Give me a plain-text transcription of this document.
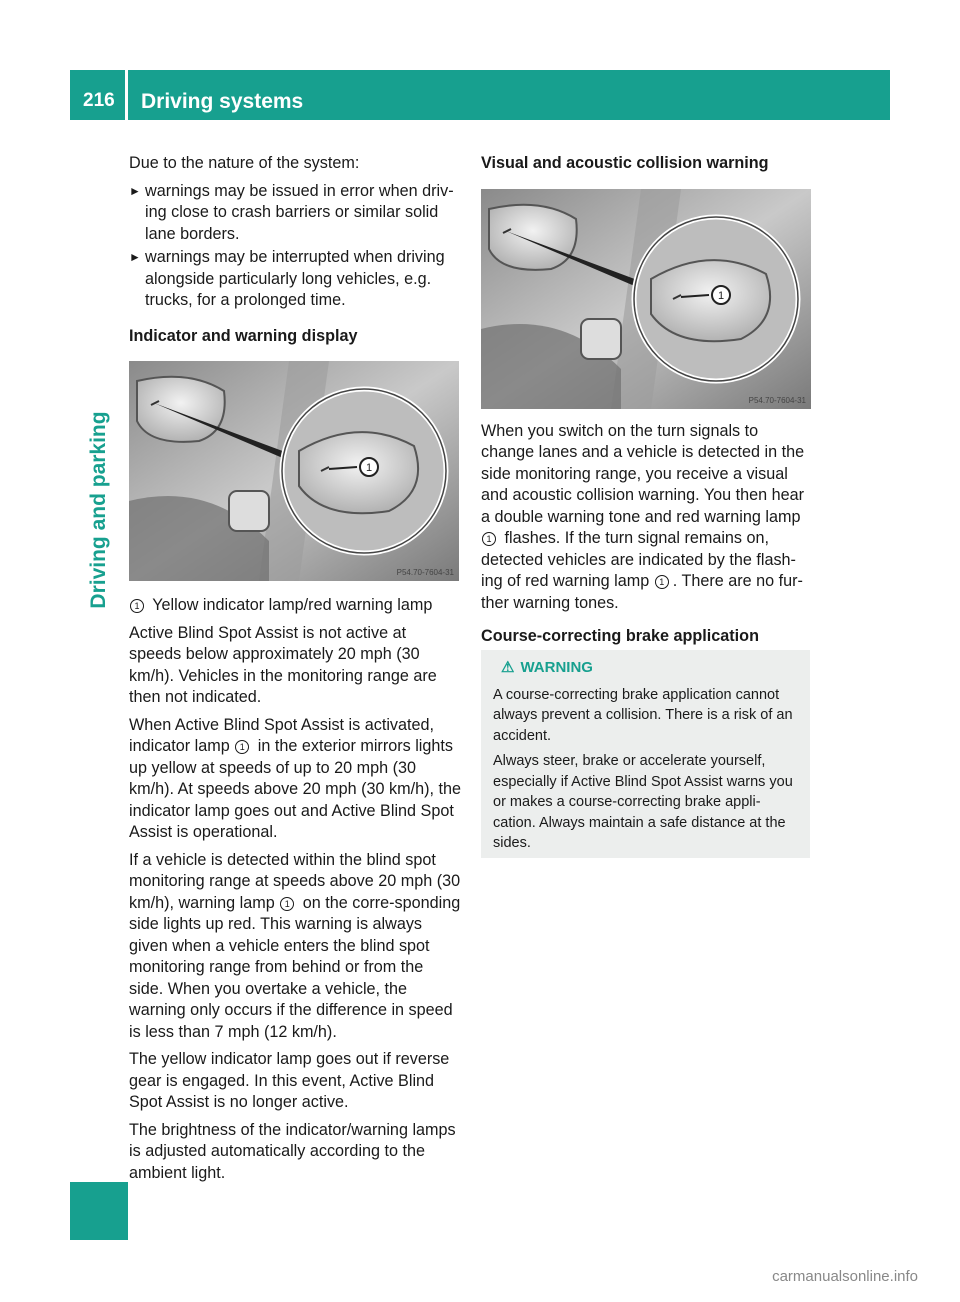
216	Driving systems
Driving and parking

Due to the nature of the system:

► warnings may be issued in error when driv-ing close to crash barriers or similar solid lane borders.
► warnings may be interrupted when driving alongside particularly long vehicles, e.g. trucks, for a prolonged time.
Indicator and warning display
1
P54.70-7604-31

1 Yellow indicator lamp/red warning lamp

Active Blind Spot Assist is not active at speeds below approximately 20 mph (30 km/h). Vehicles in the monitoring range are then not indicated.

When Active Blind Spot Assist is activated, indicator lamp 1 in the exterior mirrors lights up yellow at speeds of up to 20 mph (30 km/h). At speeds above 20 mph (30 km/h), the indicator lamp goes out and Active Blind Spot Assist is operational.

If a vehicle is detected within the blind spot monitoring range at speeds above 20 mph (30 km/h), warning lamp 1 on the corre-sponding side lights up red. This warning is always given when a vehicle enters the blind spot monitoring range from behind or from the side. When you overtake a vehicle, the warning only occurs if the difference in speed is less than 7 mph (12 km/h).

The yellow indicator lamp goes out if reverse gear is engaged. In this event, Active Blind Spot Assist is no longer active.

The brightness of the indicator/warning lamps is adjusted automatically according to the ambient light.

Visual and acoustic collision warning
1
P54.70-7604-31

When you switch on the turn signals to change lanes and a vehicle is detected in the side monitoring range, you receive a visual and acoustic collision warning. You then hear a double warning tone and red warning lamp 1 flashes. If the turn signal remains on, detected vehicles are indicated by the flash-ing of red warning lamp 1 . There are no fur-ther warning tones.

Course-correcting brake application
⚠ WARNING

A course-correcting brake application cannot always prevent a collision. There is a risk of an accident.

Always steer, brake or accelerate yourself, especially if Active Blind Spot Assist warns you or makes a course-correcting brake appli-cation. Always maintain a safe distance at the sides.

carmanualsonline.info
